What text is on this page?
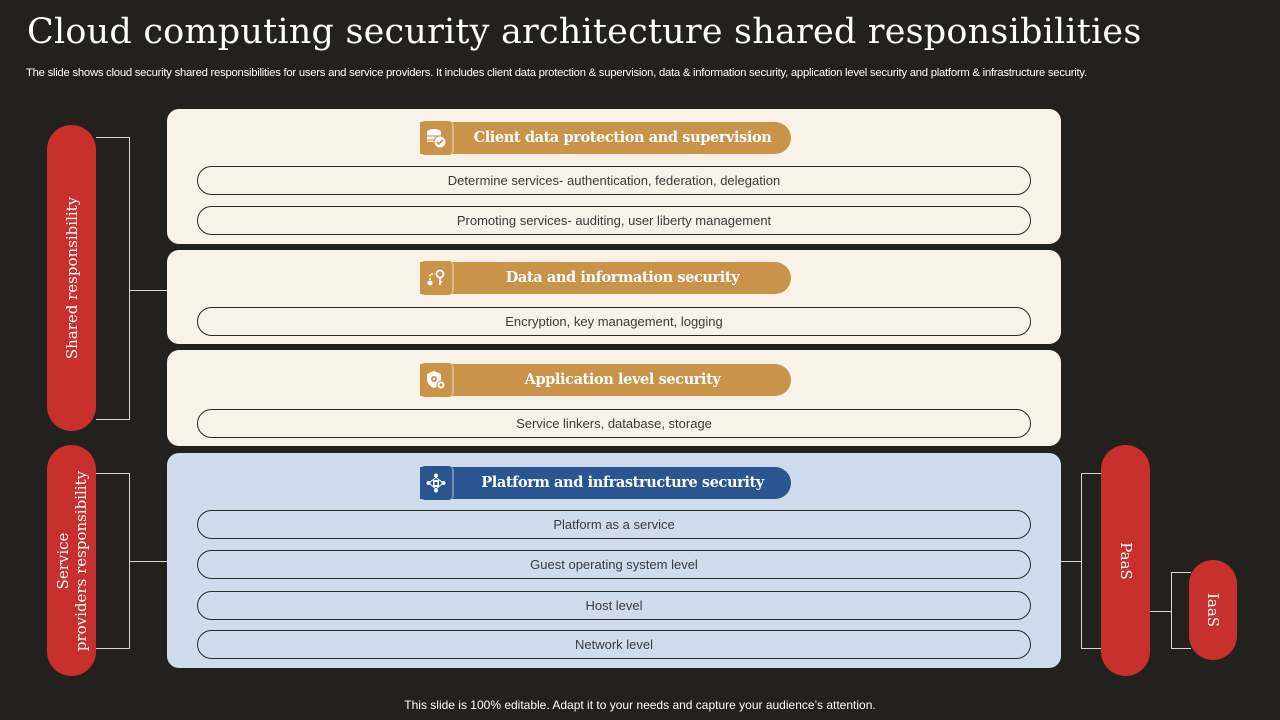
Cloud computing security architecture shared responsibilities
The slide shows cloud security shared responsibilities for users and service providers. It includes client data protection & supervision, data & information security, application level security and platform & infrastructure security.
Shared responsibility
Service
providers responsibility
Client data protection and supervision
Determine services- authentication, federation, delegation
Promoting services- auditing, user liberty management
Data and information security
Encryption, key management, logging
Application level security
Service linkers, database, storage
Platform and infrastructure security
Platform as a service
Guest operating system level
Host level
Network level
PaaS
IaaS
This slide is 100% editable. Adapt it to your needs and capture your audience’s attention.
